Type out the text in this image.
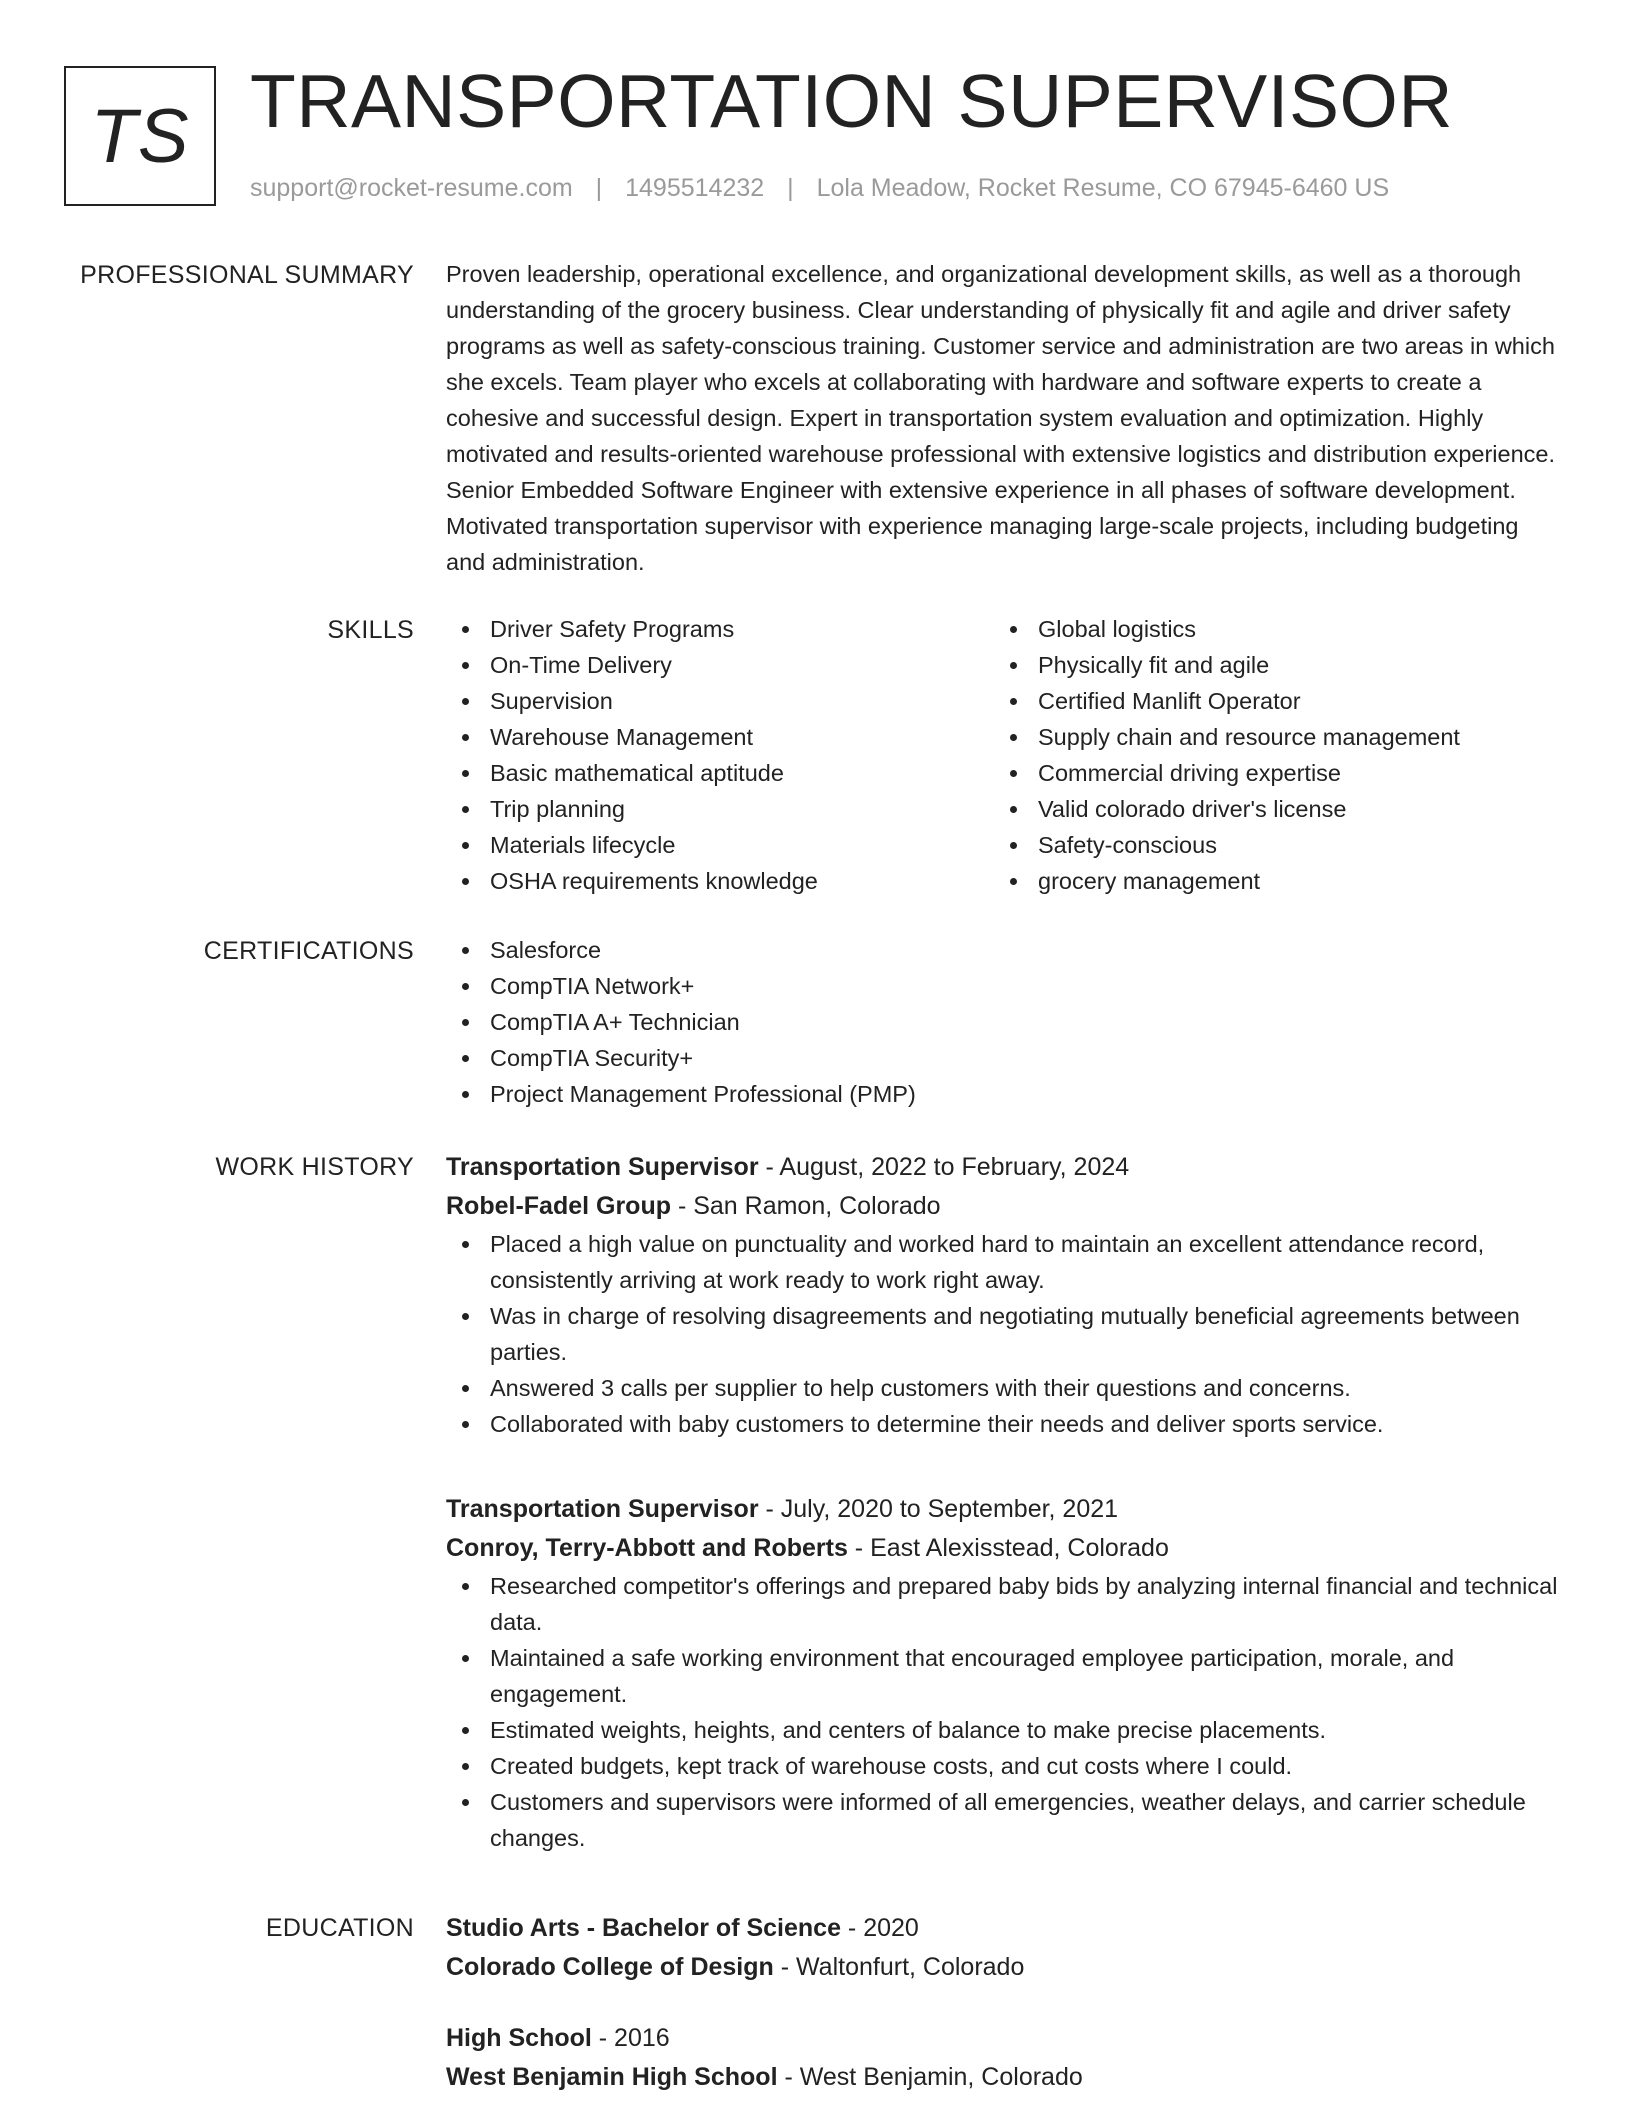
TS TRANSPORTATION SUPERVISOR
support@rocket-resume.com | 1495514232 | Lola Meadow, Rocket Resume, CO 67945-6460 US
PROFESSIONAL SUMMARY Proven leadership, operational excellence, and organizational development skills, as well as a thorough understanding of the grocery business. Clear understanding of physically fit and agile and driver safety programs as well as safety-conscious training. Customer service and administration are two areas in which she excels. Team player who excels at collaborating with hardware and software experts to create a cohesive and successful design. Expert in transportation system evaluation and optimization. Highly motivated and results-oriented warehouse professional with extensive logistics and distribution experience. Senior Embedded Software Engineer with extensive experience in all phases of software development. Motivated transportation supervisor with experience managing large-scale projects, including budgeting and administration.

SKILLS	Driver Safety Programs
On-Time Delivery
Supervision
Warehouse Management
Basic mathematical aptitude
Trip planning
Materials lifecycle
OSHA requirements knowledge
Global logistics
Physically fit and agile
Certified Manlift Operator
Supply chain and resource management
Commercial driving expertise
Valid colorado driver's license
Safety-conscious
grocery management
CERTIFICATIONS	Salesforce
CompTIA Network+
CompTIA A+ Technician
CompTIA Security+
Project Management Professional (PMP)
WORK HISTORY Transportation Supervisor - August, 2022 to February, 2024
Robel-Fadel Group - San Ramon, Colorado
Placed a high value on punctuality and worked hard to maintain an excellent attendance record, consistently arriving at work ready to work right away.
Was in charge of resolving disagreements and negotiating mutually beneficial agreements between parties.
Answered 3 calls per supplier to help customers with their questions and concerns.
Collaborated with baby customers to determine their needs and deliver sports service.
Transportation Supervisor - July, 2020 to September, 2021
Conroy, Terry-Abbott and Roberts - East Alexisstead, Colorado
Researched competitor's offerings and prepared baby bids by analyzing internal financial and technical data.
Maintained a safe working environment that encouraged employee participation, morale, and engagement.
Estimated weights, heights, and centers of balance to make precise placements.
Created budgets, kept track of warehouse costs, and cut costs where I could.
Customers and supervisors were informed of all emergencies, weather delays, and carrier schedule changes.
EDUCATION Studio Arts - Bachelor of Science - 2020
Colorado College of Design - Waltonfurt, Colorado
High School - 2016
West Benjamin High School - West Benjamin, Colorado
